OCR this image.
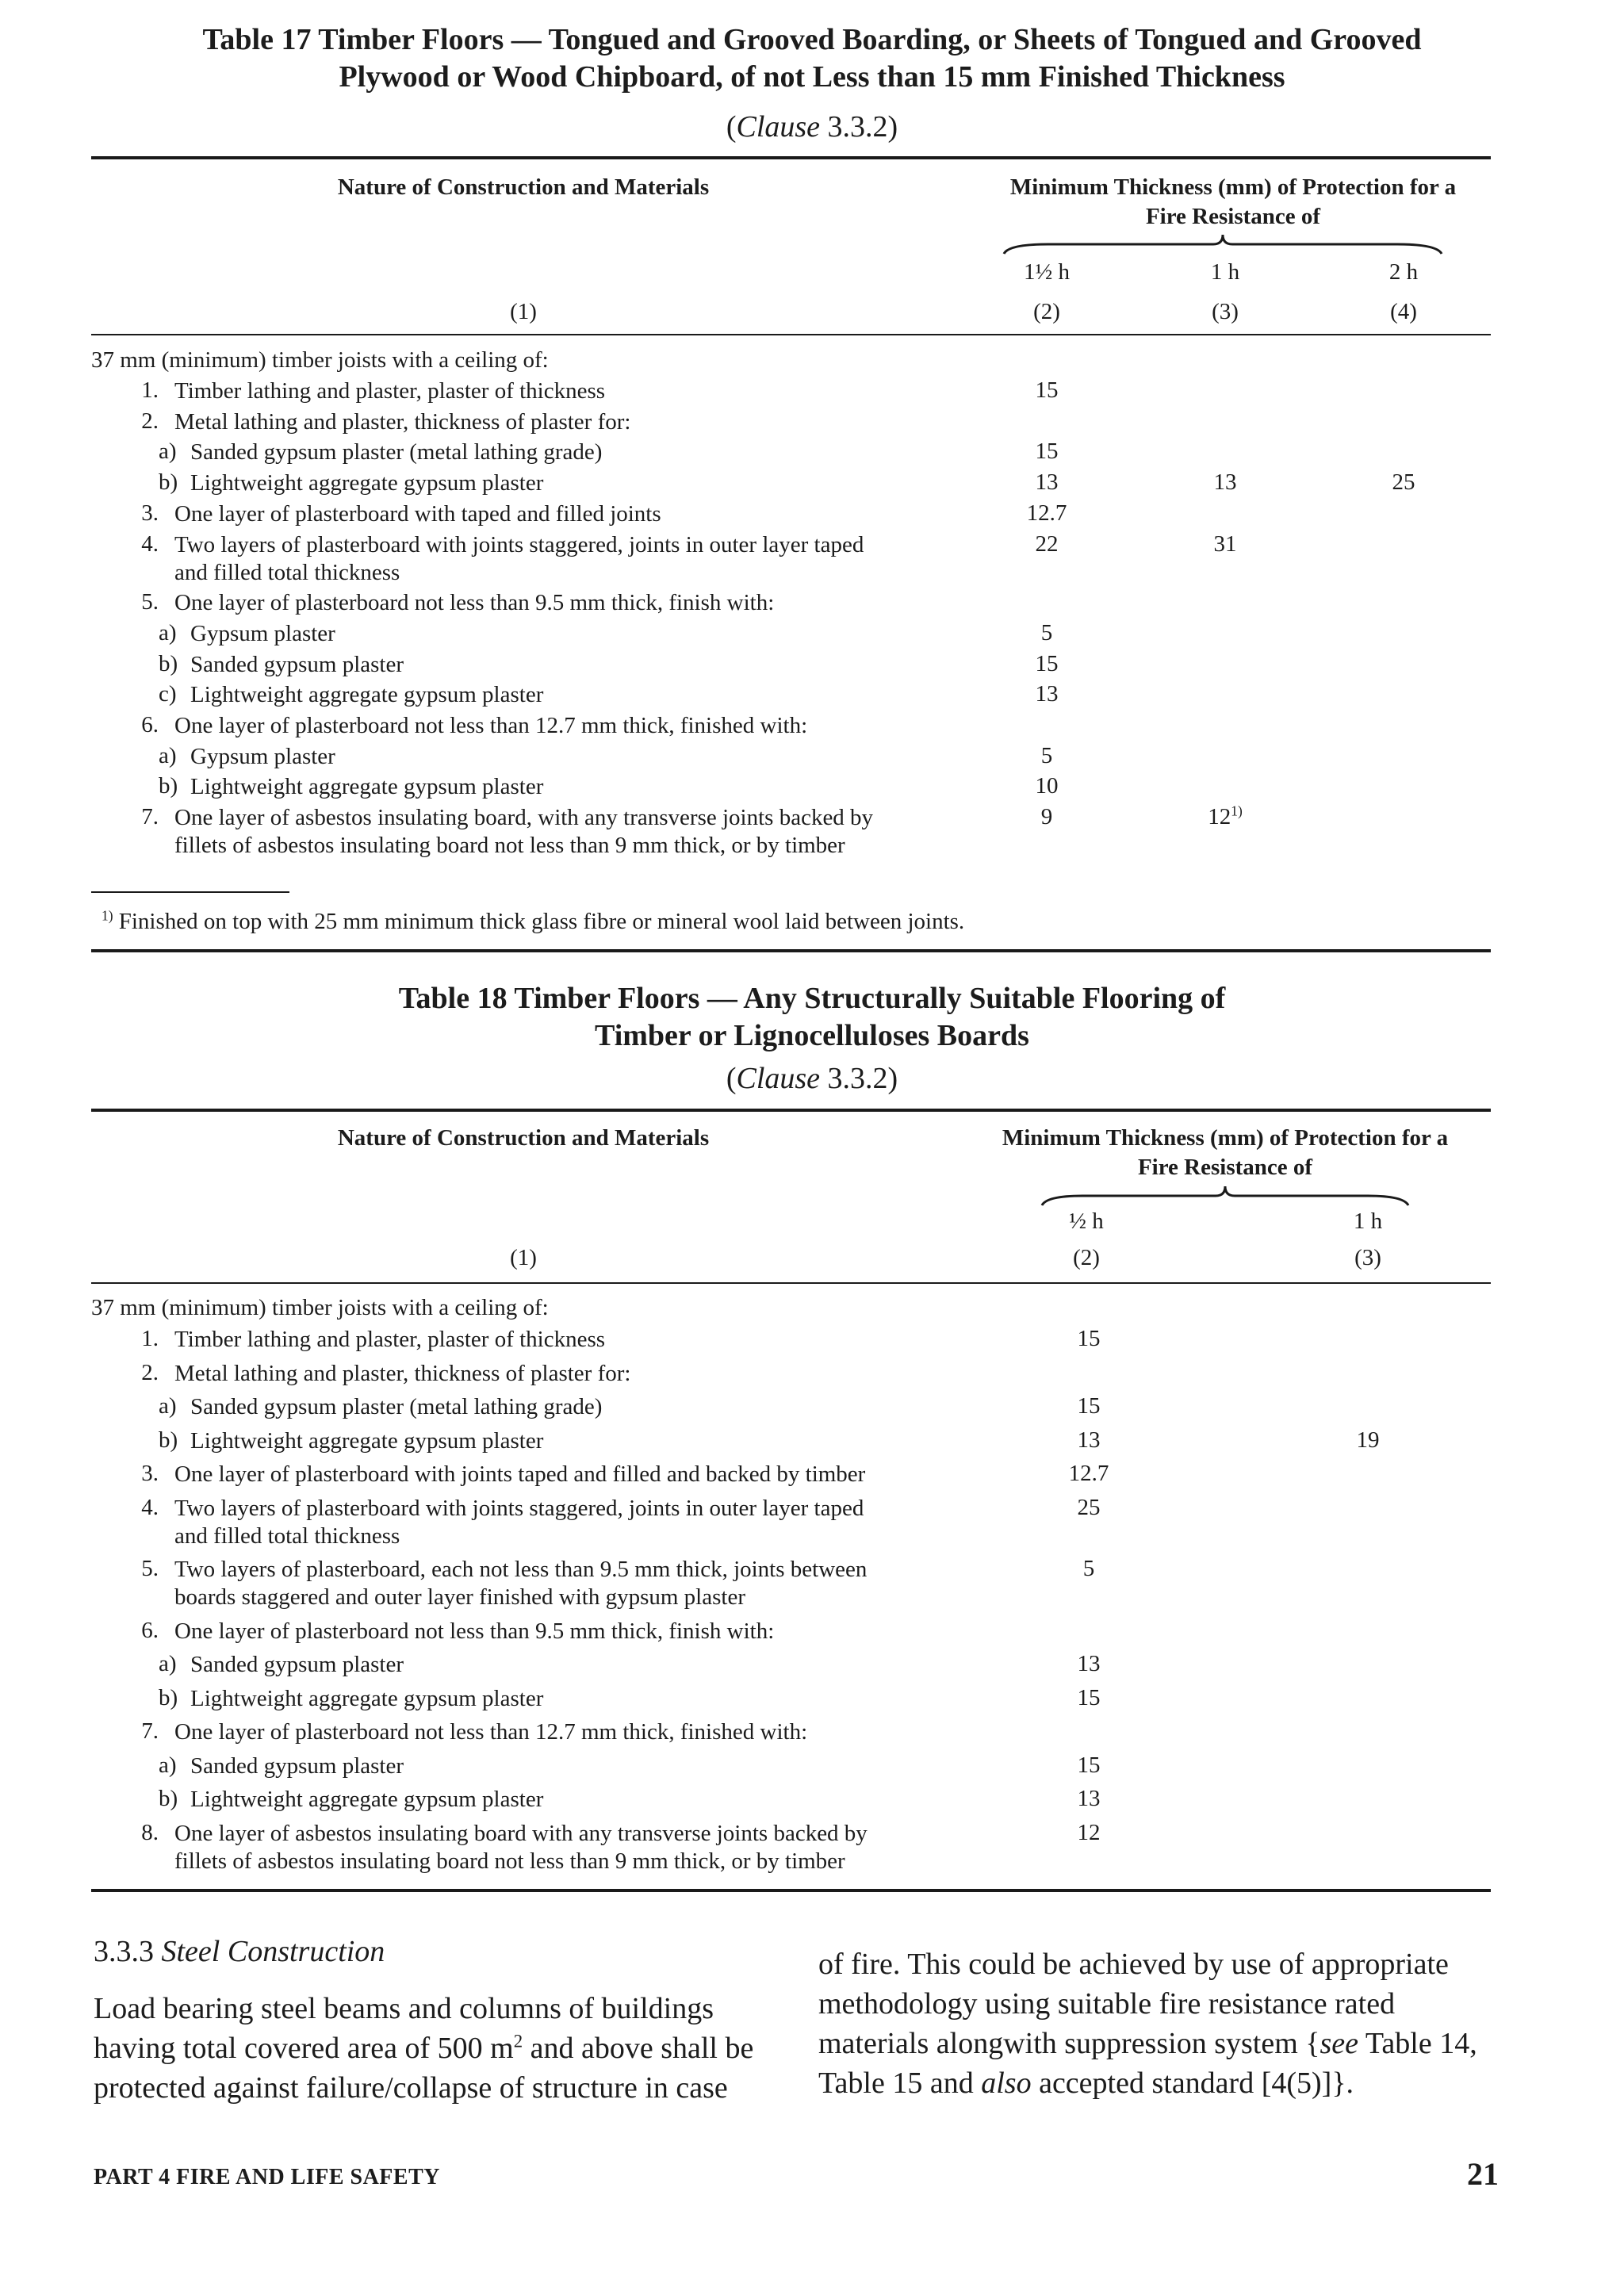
Table 17 Timber Floors — Tongued and Grooved Boarding, or Sheets of Tongued and Grooved
Plywood or Wood Chipboard, of not Less than 15 mm Finished Thickness
(Clause 3.3.2)
Nature of Construction and Materials	Minimum Thickness (mm) of Protection for a
Fire Resistance of
1½ h	1 h	2 h
(1)	(2)	(3)	(4)
37 mm (minimum) timber joists with a ceiling of:
1. Timber lathing and plaster, plaster of thickness	15
2. Metal lathing and plaster, thickness of plaster for:
a) Sanded gypsum plaster (metal lathing grade)	15
b) Lightweight aggregate gypsum plaster	13	13	25
3. One layer of plasterboard with taped and filled joints	12.7
4. Two layers of plasterboard with joints staggered, joints in outer layer taped
and filled total thickness
22	31
5. One layer of plasterboard not less than 9.5 mm thick, finish with:
a) Gypsum plaster	5
b) Sanded gypsum plaster	15
c) Lightweight aggregate gypsum plaster	13
6. One layer of plasterboard not less than 12.7 mm thick, finished with:
a) Gypsum plaster	5
b) Lightweight aggregate gypsum plaster	10
7. One layer of asbestos insulating board, with any transverse joints backed by
fillets of asbestos insulating board not less than 9 mm thick, or by timber
9	12$^{1)}$
$^{1)}$ Finished on top with 25 mm minimum thick glass fibre or mineral wool laid between joints.
Table 18 Timber Floors — Any Structurally Suitable Flooring of
Timber or Lignocelluloses Boards
(Clause 3.3.2)
Nature of Construction and Materials	Minimum Thickness (mm) of Protection for a
Fire Resistance of
½ h	1 h
(1)	(2)	(3)
37 mm (minimum) timber joists with a ceiling of:
1. Timber lathing and plaster, plaster of thickness	15
2. Metal lathing and plaster, thickness of plaster for:
a) Sanded gypsum plaster (metal lathing grade)	15
b) Lightweight aggregate gypsum plaster	13	19
3. One layer of plasterboard with joints taped and filled and backed by timber	12.7
4. Two layers of plasterboard with joints staggered, joints in outer layer taped
and filled total thickness
25
5. Two layers of plasterboard, each not less than 9.5 mm thick, joints between
boards staggered and outer layer finished with gypsum plaster
5
6. One layer of plasterboard not less than 9.5 mm thick, finish with:
a) Sanded gypsum plaster	13
b) Lightweight aggregate gypsum plaster	15
7. One layer of plasterboard not less than 12.7 mm thick, finished with:
a) Sanded gypsum plaster	15
b) Lightweight aggregate gypsum plaster	13
8. One layer of asbestos insulating board with any transverse joints backed by
fillets of asbestos insulating board not less than 9 mm thick, or by timber
12
3.3.3 Steel Construction
Load bearing steel beams and columns of buildings
having total covered area of 500 $m^2$ and above shall be
protected against failure/collapse of structure in case
of fire. This could be achieved by use of appropriate
methodology using suitable fire resistance rated
materials alongwith suppression system {see Table 14,
Table 15 and also accepted standard [4(5)]}.
PART 4 FIRE AND LIFE SAFETY	21
